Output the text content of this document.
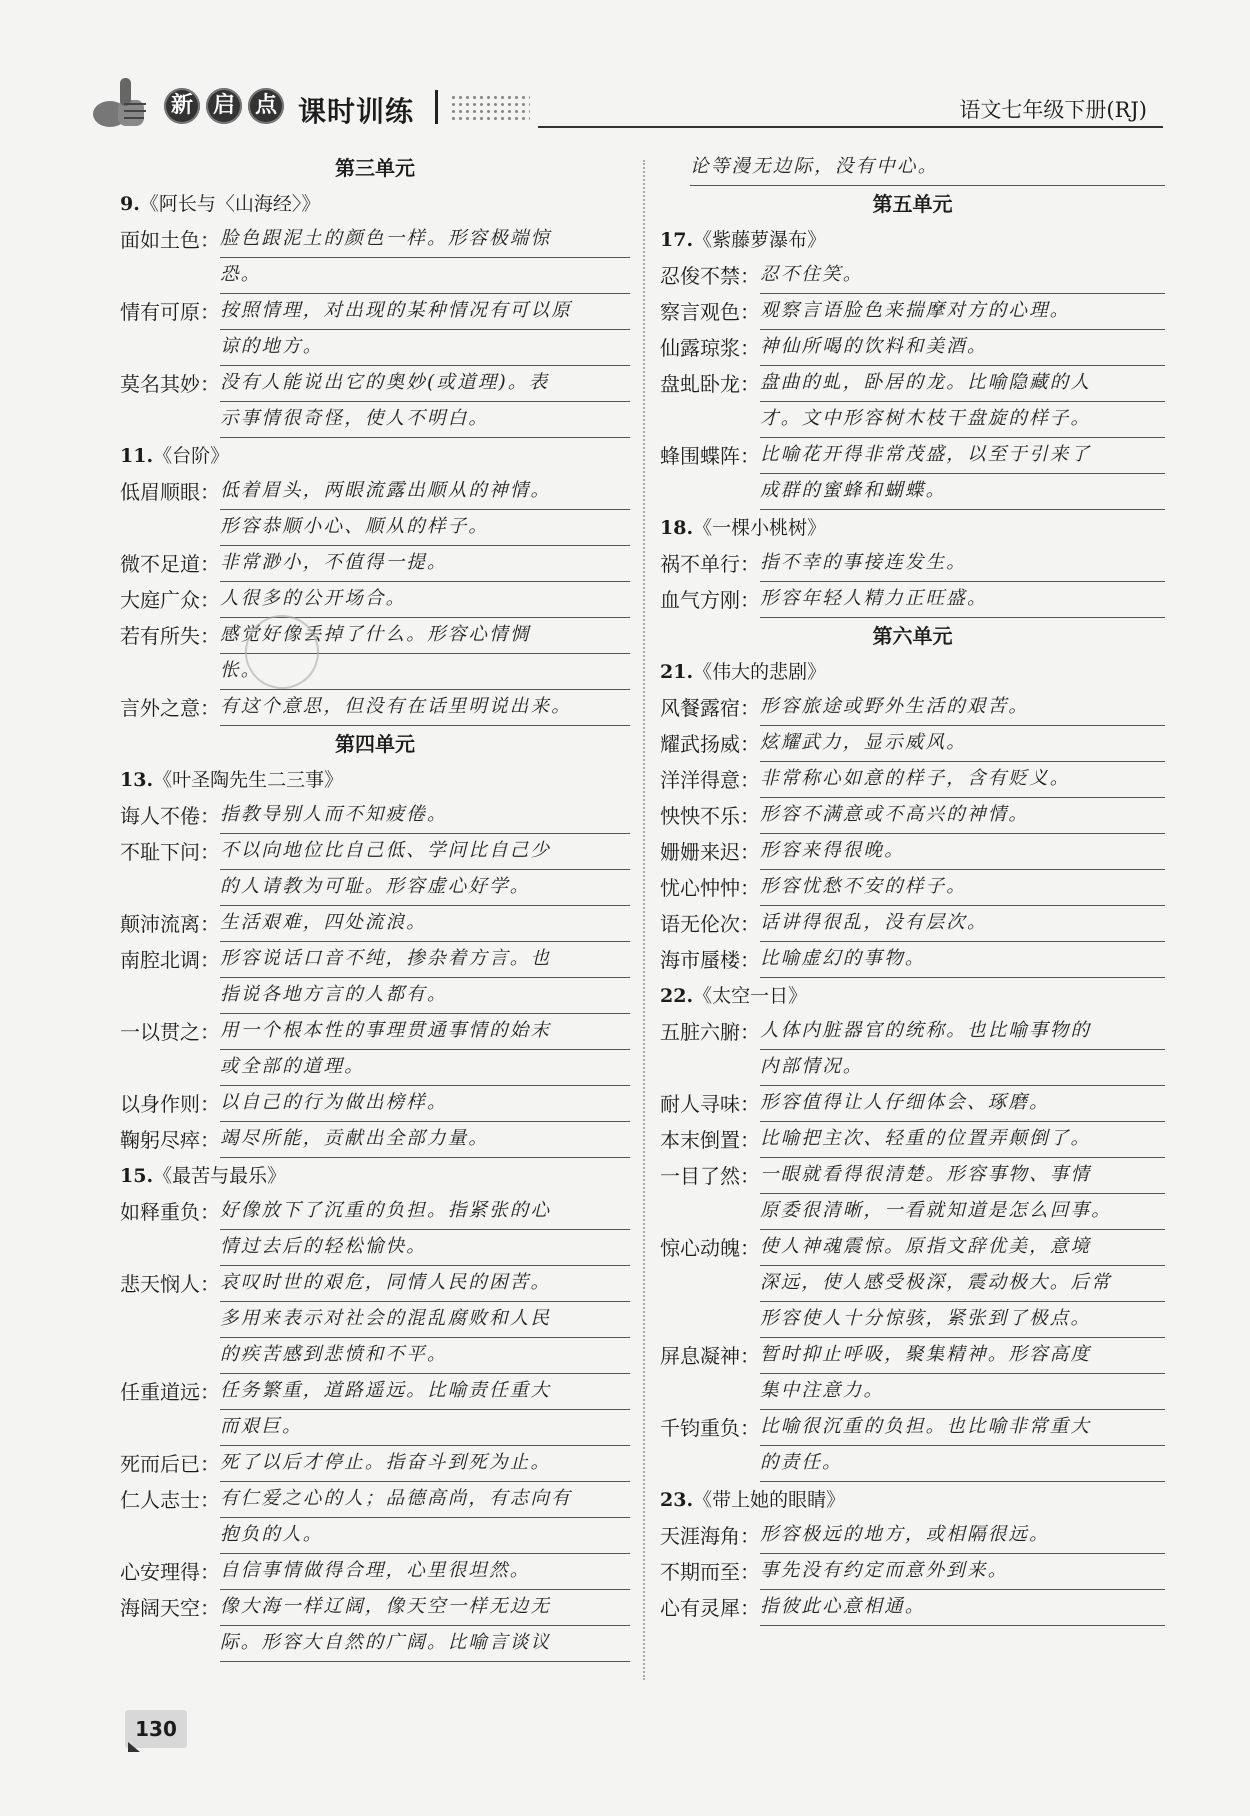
新 启 点 课时训练	语文七年级下册(RJ)
第三单元
9.《阿长与〈山海经〉》
面如土色： 脸色跟泥土的颜色一样。形容极端惊
恐。
情有可原： 按照情理，对出现的某种情况有可以原
谅的地方。
莫名其妙： 没有人能说出它的奥妙(或道理)。表
示事情很奇怪，使人不明白。
11.《台阶》
低眉顺眼： 低着眉头，两眼流露出顺从的神情。
形容恭顺小心、顺从的样子。
微不足道： 非常渺小，不值得一提。
大庭广众： 人很多的公开场合。
若有所失： 感觉好像丢掉了什么。形容心情惆
怅。
言外之意： 有这个意思，但没有在话里明说出来。
第四单元
13.《叶圣陶先生二三事》
诲人不倦： 指教导别人而不知疲倦。
不耻下问： 不以向地位比自己低、学问比自己少
的人请教为可耻。形容虚心好学。
颠沛流离： 生活艰难，四处流浪。
南腔北调： 形容说话口音不纯，掺杂着方言。也
指说各地方言的人都有。
一以贯之： 用一个根本性的事理贯通事情的始末
或全部的道理。
以身作则： 以自己的行为做出榜样。
鞠躬尽瘁： 竭尽所能，贡献出全部力量。
15.《最苦与最乐》
如释重负： 好像放下了沉重的负担。指紧张的心
情过去后的轻松愉快。
悲天悯人： 哀叹时世的艰危，同情人民的困苦。
多用来表示对社会的混乱腐败和人民
的疾苦感到悲愤和不平。
任重道远： 任务繁重，道路遥远。比喻责任重大
而艰巨。
死而后已： 死了以后才停止。指奋斗到死为止。
仁人志士： 有仁爱之心的人；品德高尚，有志向有
抱负的人。
心安理得： 自信事情做得合理，心里很坦然。
海阔天空： 像大海一样辽阔，像天空一样无边无
际。形容大自然的广阔。比喻言谈议
论等漫无边际，没有中心。
第五单元
17.《紫藤萝瀑布》
忍俊不禁： 忍不住笑。
察言观色： 观察言语脸色来揣摩对方的心理。
仙露琼浆： 神仙所喝的饮料和美酒。
盘虬卧龙： 盘曲的虬，卧居的龙。比喻隐藏的人
才。文中形容树木枝干盘旋的样子。
蜂围蝶阵： 比喻花开得非常茂盛，以至于引来了
成群的蜜蜂和蝴蝶。
18.《一棵小桃树》
祸不单行： 指不幸的事接连发生。
血气方刚： 形容年轻人精力正旺盛。
第六单元
21.《伟大的悲剧》
风餐露宿： 形容旅途或野外生活的艰苦。
耀武扬威： 炫耀武力，显示威风。
洋洋得意： 非常称心如意的样子，含有贬义。
怏怏不乐： 形容不满意或不高兴的神情。
姗姗来迟： 形容来得很晚。
忧心忡忡： 形容忧愁不安的样子。
语无伦次： 话讲得很乱，没有层次。
海市蜃楼： 比喻虚幻的事物。
22.《太空一日》
五脏六腑： 人体内脏器官的统称。也比喻事物的
内部情况。
耐人寻味： 形容值得让人仔细体会、琢磨。
本末倒置： 比喻把主次、轻重的位置弄颠倒了。
一目了然： 一眼就看得很清楚。形容事物、事情
原委很清晰，一看就知道是怎么回事。
惊心动魄： 使人神魂震惊。原指文辞优美，意境
深远，使人感受极深，震动极大。后常
形容使人十分惊骇，紧张到了极点。
屏息凝神： 暂时抑止呼吸，聚集精神。形容高度
集中注意力。
千钧重负： 比喻很沉重的负担。也比喻非常重大
的责任。
23.《带上她的眼睛》
天涯海角： 形容极远的地方，或相隔很远。
不期而至： 事先没有约定而意外到来。
心有灵犀： 指彼此心意相通。
130
